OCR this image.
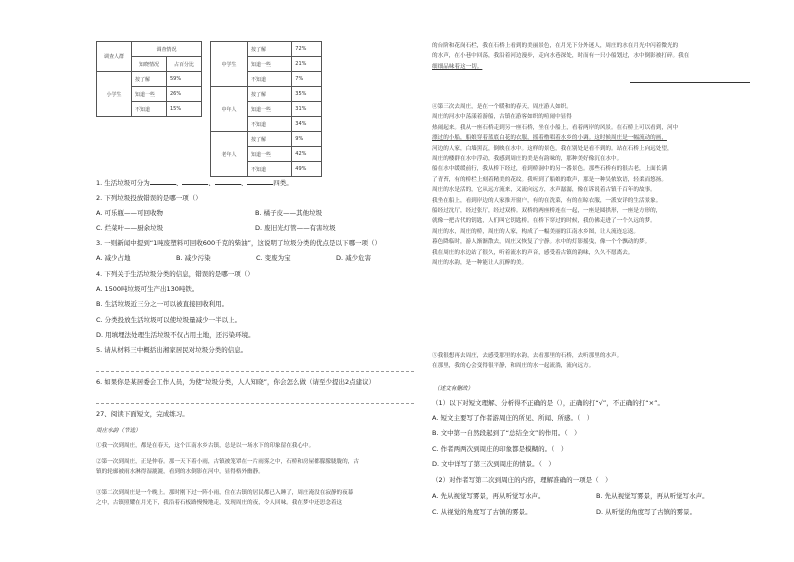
调查人群	调查情况	
	知晓情况	占百分比
小学生	按了解	59%
	知道一些	26%
	不知道	15%
中学生	按了解	72%
	知道一些	21%
	不知道	7%
中年人	按了解	35%
	知道一些	31%
	不知道	34%
老年人	按了解	9%
	知道一些	42%
	不知道	49%
1. 生活垃圾可分为	、	、	、	四类。
2. 下列垃圾投放错误的是哪一项（）
A. 可乐瓶——可回收物	B. 橘子皮——其他垃圾
C. 烂菜叶——厨余垃圾	D. 废旧光灯管——有害垃圾
3. 一则新闻中提到“1吨废塑料可回收600千克的柴油”，这说明了垃圾分类的优点是以下哪一项（）
A. 减少占地	B. 减少污染	C. 变废为宝	D. 减少危害
4. 下列关于生活垃圾分类的信息，错误的是哪一项（）
A. 1500吨垃圾可生产出130吨铁。
B. 生活垃圾近三分之一可以被直接回收利用。
C. 分类投放生活垃圾可以使垃圾量减少一半以上。
D. 用填埋法处理生活垃圾不仅占用土地，还污染环境。
5. 请从材料三中概括出湘家居民对垃圾分类的信息。
6. 如果你是某居委会工作人员，为使“垃圾分类，人人知晓”，你会怎么做（请至少提出2点建议）
27、阅读下面短文，完成练习。
周庄水韵（节选）
①我一次到周庄，都是在春天，这个江南水乡古镇，总是以一场水下的印象留在我心中。
②第一次到周庄，正是仲春。那一天下着小雨，古镇被笼罩在一片雨雾之中，石桥和房屋都朦朦胧胧的，古
镇的轮廓被雨水淋得湿漉漉，看到的水倒影在河中，显得格外幽静。
③第二次到周庄是一个晚上。那时刚下过一阵小雨，住在古镇的居民都已入睡了，周庄淹没在寂静的夜幕
之中，古镇照耀在月光下，我沿着石板路慢慢地走，发现周庄的夜，令人回味。我在梦中还思念着这
的台阶和花岗石栏，我在石桥上看到的美丽景色，在月光下分外迷人，周庄的水在月光中闪着微光的
的水声，在小巷中回荡，我沿着河边漫步，走向水巷深处，时而有一只小船划过，水中倒影被打碎。我在
细细品味着这一切。
④第三次去周庄，是在一个暖和的春天，周庄游人如织。
周庄的河水中荡漾着游船，古镇在游客如织的喧闹中显得
热闹起来。我从一座石桥走到另一座石桥，坐在小船上，看着两岸的风景。在石桥上可以看到，河中
漂过的小船，船娘穿着蓝底白花的衣服，摇着橹唱着水乡的小调。这时候周庄是一幅流动的画，
河边的人家，白墙黑瓦，倒映在水中。这样的景色，我在别处是看不到的。站在石桥上向远处望，
周庄的楼群在水中浮动，我感到周庄的美是有韵味的，那种美好像沉在水中。
船在水中缓缓前行，我从桥下经过，看到桥洞中的另一番景色。那些石桥有的很古老，上面长满
了青苔，有的桥栏上刻着精美的花纹。我听到了船娘的歌声，那是一种吴侬软语，轻柔而悠扬。
周庄的水是活的，它从远方流来，又流向远方，水声潺潺，像在诉说着古镇千百年的故事。
我坐在船上，看到岸边的人家推开窗户，有的在洗菜，有的在晾衣服，一派安详的生活景象。
船经过沈厅，经过张厅，经过双桥。双桥的两座桥连在一起，一座是圆拱形，一座是方形的，
就像一把古代的钥匙，人们叫它钥匙桥。在桥下穿过的时候，我仿佛走进了一个久远的梦。
周庄的水，周庄的桥，周庄的人家，构成了一幅美丽的江南水乡图，让人流连忘返。
暮色降临时，游人渐渐散去，周庄又恢复了宁静。水中的灯影摇曳，像一个个飘动的梦。
我在周庄的水边站了很久，听着流水的声音，感受着古镇的韵味，久久不愿离去。
周庄的水韵，是一种能让人沉醉的美。
⑤我很想再去周庄，去感受那里的水韵，去看那里的石桥，去听那里的水声。
在那里，我的心会变得很平静，和周庄的水一起流淌，流向远方。
（述文有删改）
（1）以下对短文理解、分析得不正确的是（），正确的打“√”，不正确的打“×”。
A. 短文主要写了作者游周庄的所见、所闻、所感。（　）
B. 文中第一自然段起到了“总结全文”的作用。（　）
C. 作者两两次到周庄的印象都是模糊的。（　）
D. 文中详写了第三次到周庄的情景。（　）
（2）对作者写第二次到周庄的内容，理解准确的一项是（　）
A. 先从视觉写雾景，再从听觉写水声。	B. 先从视觉写雾景，再从听觉写水声。
C. 从视觉的角度写了古镇的雾景。	D. 从听觉的角度写了古镇的雾景。
